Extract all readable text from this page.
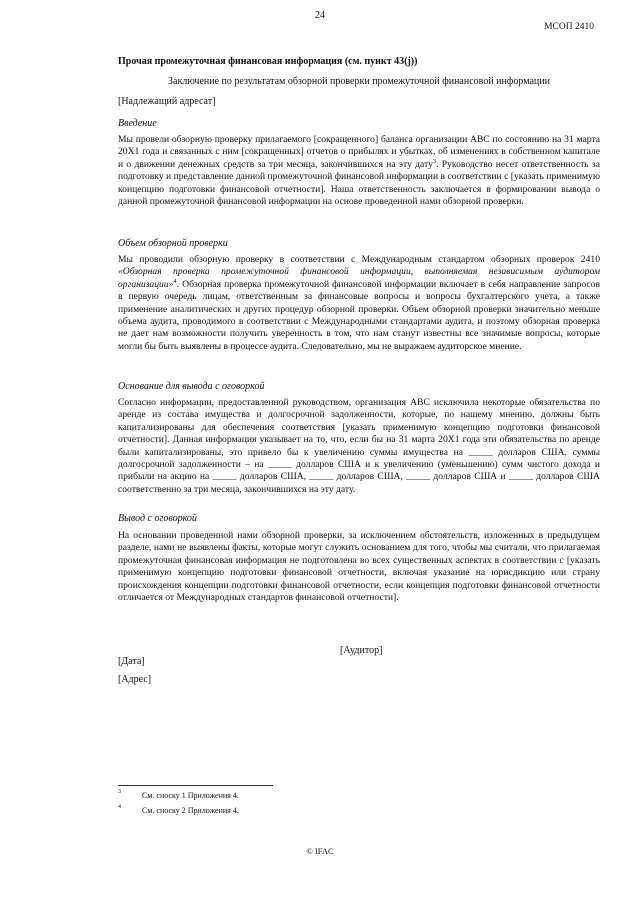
24
МСОП 2410
Прочая промежуточная финансовая информация (см. пункт 43(j))
Заключение по результатам обзорной проверки промежуточной финансовой информации
[Надлежащий адресат]
Введение
Мы провели обзорную проверку прилагаемого [сокращенного] баланса организации ABC по состоянию на 31 марта 20X1 года и связанных с ним [сокращенных] отчетов о прибылях и убытках, об изменениях в собственном капитале и о движении денежных средств за три месяца, закончившихся на эту дату$^3$. Руководство несет ответственность за подготовку и представление данной промежуточной финансовой информации в соответствии с [указать применимую концепцию подготовки финансовой отчетности]. Наша ответственность заключается в формировании вывода о данной промежуточной финансовой информации на основе проведенной нами обзорной проверки.
Объем обзорной проверки
Мы проводили обзорную проверку в соответствии с Международным стандартом обзорных проверок 2410 «Обзорная проверка промежуточной финансовой информации, выполняемая независимым аудитором организации»$^4$. Обзорная проверка промежуточной финансовой информации включает в себя направление запросов в первую очередь лицам, ответственным за финансовые вопросы и вопросы бухгалтерского учета, а также применение аналитических и других процедур обзорной проверки. Объем обзорной проверки значительно меньше объема аудита, проводимого в соответствии с Международными стандартами аудита, и поэтому обзорная проверка не дает нам возможности получить уверенность в том, что нам станут известны все значимые вопросы, которые могли бы быть выявлены в процессе аудита. Следовательно, мы не выражаем аудиторское мнение.
Основание для вывода с оговоркой
Согласно информации, предоставленной руководством, организация ABC исключила некоторые обязательства по аренде из состава имущества и долгосрочной задолженности, которые, по нашему мнению, должны быть капитализированы для обеспечения соответствия [указать применимую концепцию подготовки финансовой отчетности]. Данная информация указывает на то, что, если бы на 31 марта 20X1 года эти обязательства по аренде были капитализированы, это привело бы к увеличению суммы имущества на _____ долларов США, суммы долгосрочной задолженности – на _____ долларов США и к увеличению (уменьшению) сумм чистого дохода и прибыли на акцию на _____ долларов США, _____ долларов США, _____ долларов США и _____ долларов США соответственно за три месяца, закончившихся на эту дату.
Вывод с оговоркой
На основании проведенной нами обзорной проверки, за исключением обстоятельств, изложенных в предыдущем разделе, нами не выявлены факты, которые могут служить основанием для того, чтобы мы считали, что прилагаемая промежуточная финансовая информация не подготовлена во всех существенных аспектах в соответствии с [указать применимую концепцию подготовки финансовой отчетности, включая указание на юрисдикцию или страну происхождения концепции подготовки финансовой отчетности, если концепция подготовки финансовой отчетности отличается от Международных стандартов финансовой отчетности].
[Аудитор]
[Дата]
[Адрес]
3	См. сноску 1 Приложения 4.
4	См. сноску 2 Приложения 4.
© IFAC
